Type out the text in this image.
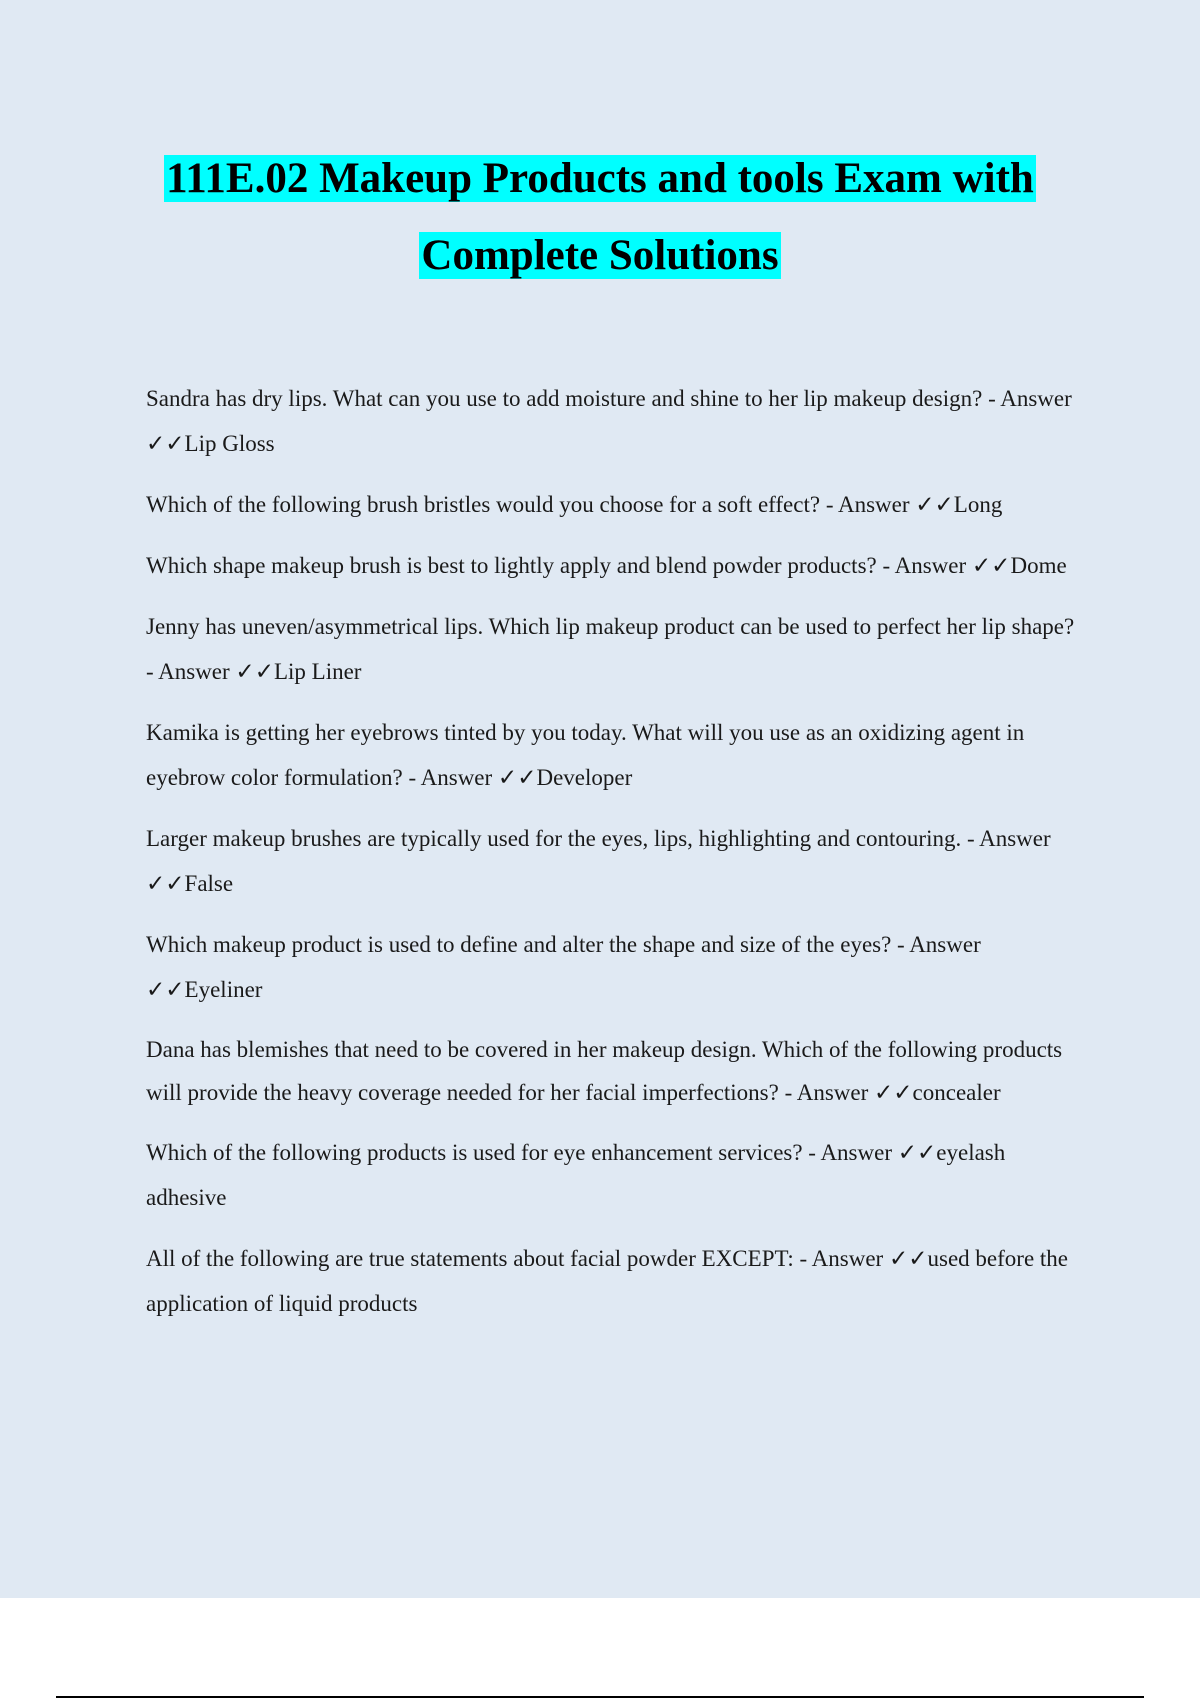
111E.02 Makeup Products and tools Exam with
Complete Solutions

Sandra has dry lips. What can you use to add moisture and shine to her lip makeup design? - Answer ✓✓Lip Gloss

Which of the following brush bristles would you choose for a soft effect? - Answer ✓✓Long

Which shape makeup brush is best to lightly apply and blend powder products? - Answer ✓✓Dome

Jenny has uneven/asymmetrical lips. Which lip makeup product can be used to perfect her lip shape? - Answer ✓✓Lip Liner

Kamika is getting her eyebrows tinted by you today. What will you use as an oxidizing agent in eyebrow color formulation? - Answer ✓✓Developer

Larger makeup brushes are typically used for the eyes, lips, highlighting and contouring. - Answer ✓✓False

Which makeup product is used to define and alter the shape and size of the eyes? - Answer ✓✓Eyeliner

Dana has blemishes that need to be covered in her makeup design. Which of the following products will provide the heavy coverage needed for her facial imperfections? - Answer ✓✓concealer

Which of the following products is used for eye enhancement services? - Answer ✓✓eyelash adhesive

All of the following are true statements about facial powder EXCEPT: - Answer ✓✓used before the application of liquid products
